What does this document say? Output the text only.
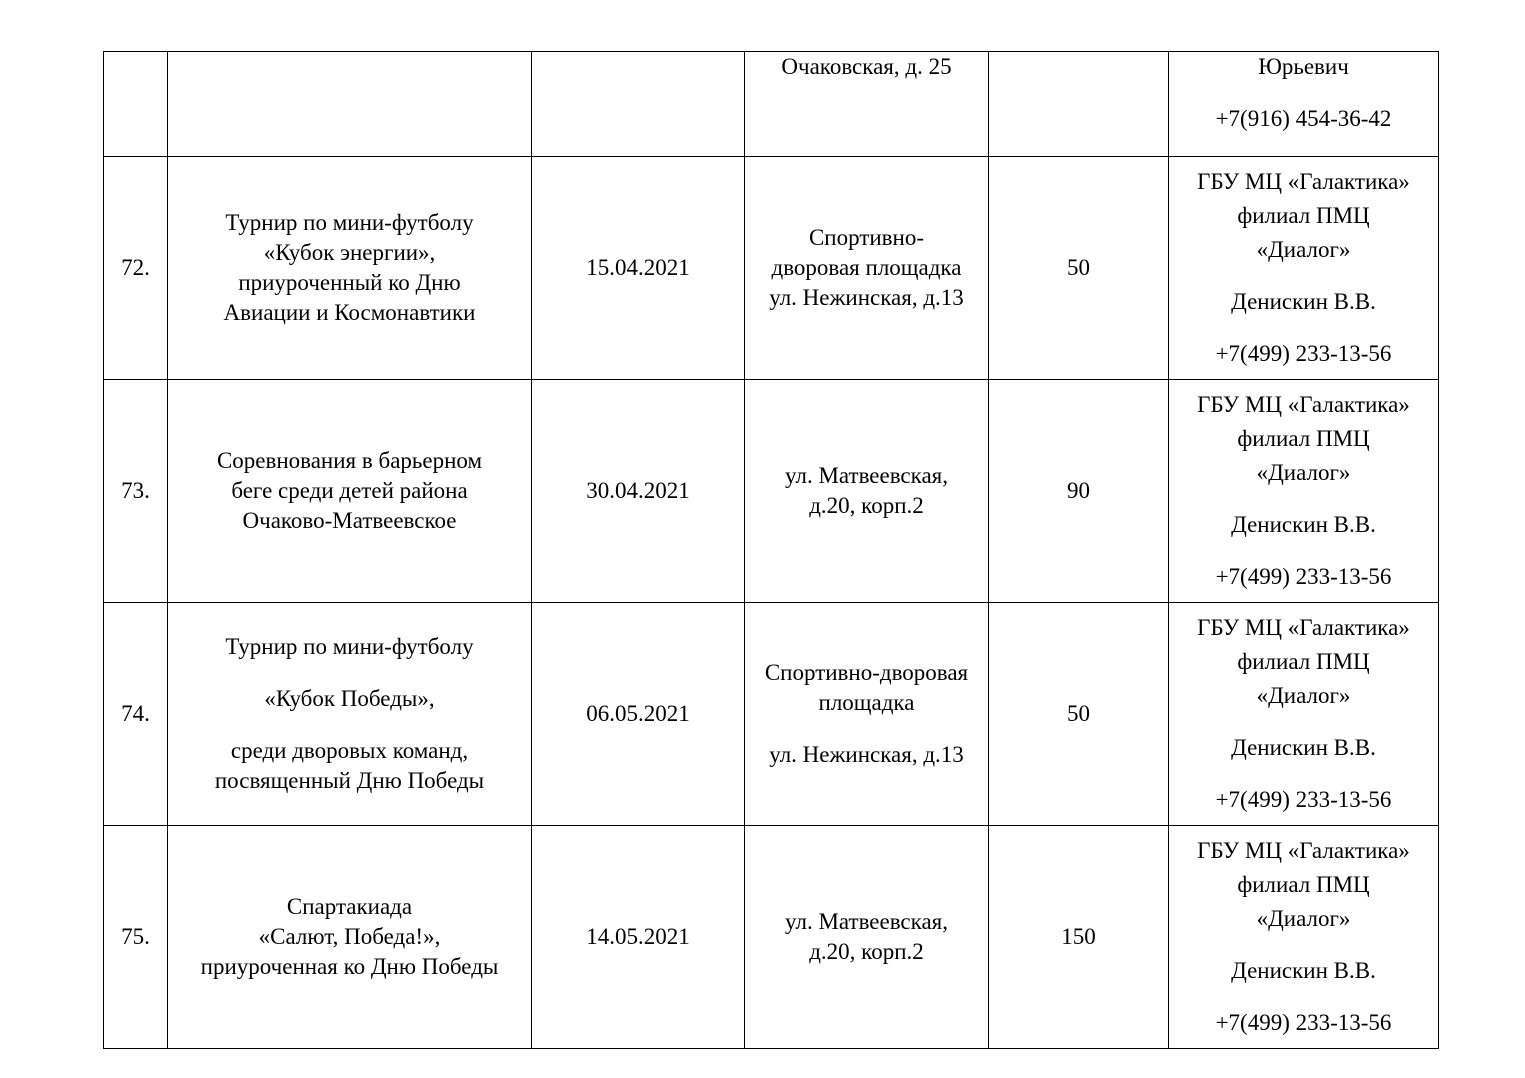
			Очаковская, д. 25		Юрьевич
+7(916) 454-36-42

72.	Турнир по мини-футболу
«Кубок энергии»,
приуроченный ко Дню
Авиации и Космонавтики	15.04.2021	Спортивно-
дворовая площадка
ул. Нежинская, д.13	50	ГБУ МЦ «Галактика»
филиал ПМЦ
«Диалог»
Денискин В.В.
+7(499) 233-13-56

73.	Соревнования в барьерном
беге среди детей района
Очаково-Матвеевское	30.04.2021	ул. Матвеевская,
д.20, корп.2	90	ГБУ МЦ «Галактика»
филиал ПМЦ
«Диалог»
Денискин В.В.
+7(499) 233-13-56

74.	Турнир по мини-футболу
«Кубок Победы»,
среди дворовых команд,
посвященный Дню Победы	06.05.2021	Спортивно-дворовая
площадка
ул. Нежинская, д.13	50	ГБУ МЦ «Галактика»
филиал ПМЦ
«Диалог»
Денискин В.В.
+7(499) 233-13-56

75.	Спартакиада
«Салют, Победа!»,
приуроченная ко Дню Победы	14.05.2021	ул. Матвеевская,
д.20, корп.2	150	ГБУ МЦ «Галактика»
филиал ПМЦ
«Диалог»
Денискин В.В.
+7(499) 233-13-56
